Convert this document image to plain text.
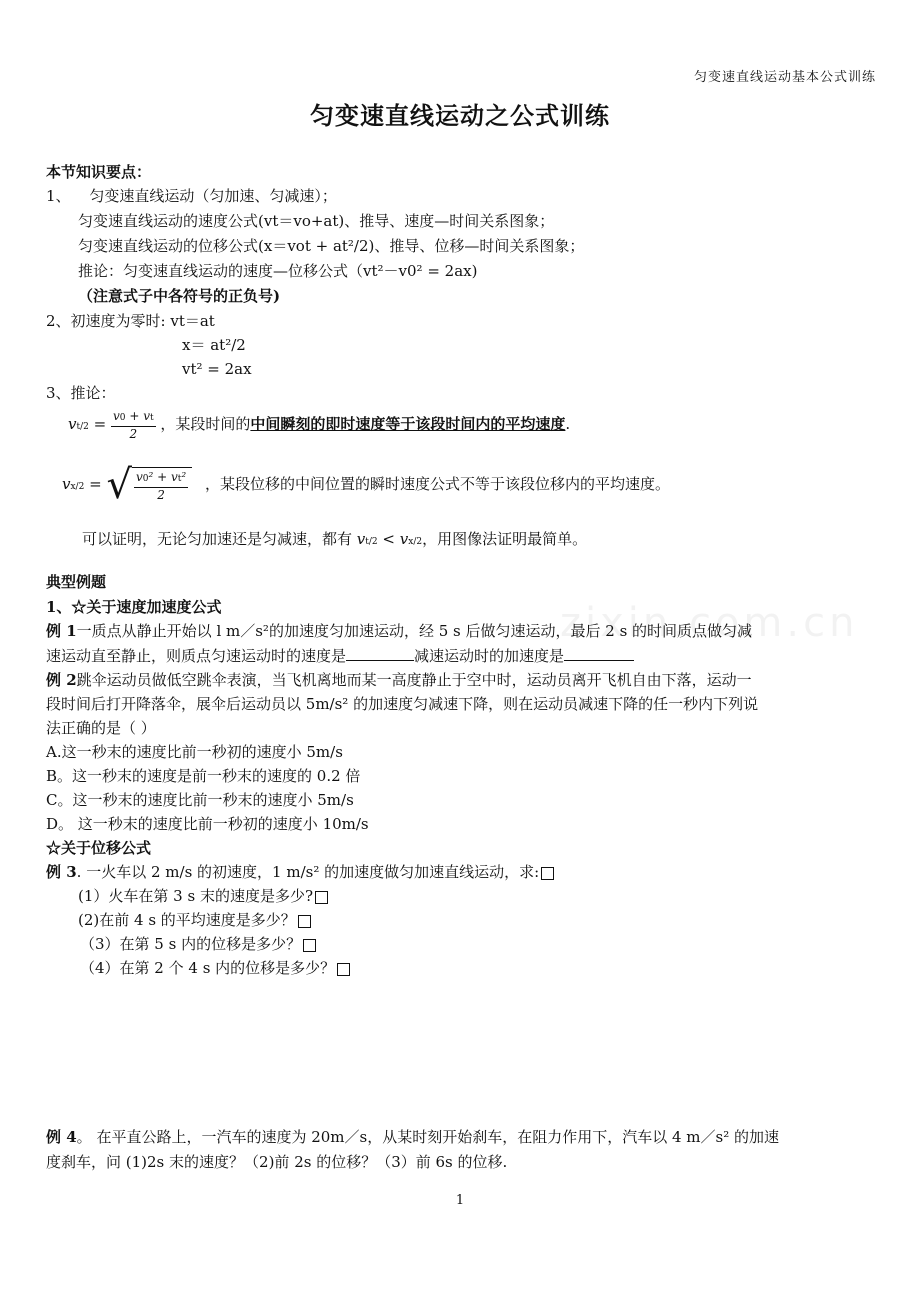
匀变速直线运动基本公式训练
匀变速直线运动之公式训练
zixin.com.cn
本节知识要点：
1、 匀变速直线运动（匀加速、匀减速）；
匀变速直线运动的速度公式(vt＝vo+at)、推导、速度—时间关系图象；
匀变速直线运动的位移公式(x＝vot + at²/2)、推导、位移—时间关系图象；
推论：匀变速直线运动的速度—位移公式（vt²－v0² = 2ax)
（注意式子中各符号的正负号)
2、初速度为零时: vt＝at
x＝ at²/2
vt² = 2ax
3、推论：
$vt/2 = \frac{v0 + vt}{2}$ ，某段时间的中间瞬刻的即时速度等于该段时间内的平均速度.
vx/2 = √ $\frac{\text{v0² + vt²}}{2}$ ，某段位移的中间位置的瞬时速度公式不等于该段位移内的平均速度。
可以证明，无论匀加速还是匀减速，都有 vt/2 < vx/2，用图像法证明最简单。
典型例题
1、☆关于速度加速度公式
例 1一质点从静止开始以 l m／s²的加速度匀加速运动，经 5 s 后做匀速运动，最后 2 s 的时间质点做匀减
速运动直至静止，则质点匀速运动时的速度是	减速运动时的加速度是
例 2跳伞运动员做低空跳伞表演，当飞机离地而某一高度静止于空中时，运动员离开飞机自由下落，运动一
段时间后打开降落伞，展伞后运动员以 5m/s² 的加速度匀减速下降，则在运动员减速下降的任一秒内下列说
法正确的是（ ）
A.这一秒末的速度比前一秒初的速度小 5m/s
B。这一秒末的速度是前一秒末的速度的 0.2 倍
C。这一秒末的速度比前一秒末的速度小 5m/s
D。 这一秒末的速度比前一秒初的速度小 10m/s
☆关于位移公式
例 3. 一火车以 2 m/s 的初速度，1 m/s² 的加速度做匀加速直线运动，求:
(1）火车在第 3 s 末的速度是多少?
(2)在前 4 s 的平均速度是多少？
（3）在第 5 s 内的位移是多少？
（4）在第 2 个 4 s 内的位移是多少？
例 4。 在平直公路上，一汽车的速度为 20m／s，从某时刻开始刹车，在阻力作用下，汽车以 4 m／s² 的加速
度刹车，问 (1)2s 末的速度？（2)前 2s 的位移？（3）前 6s 的位移.
1
